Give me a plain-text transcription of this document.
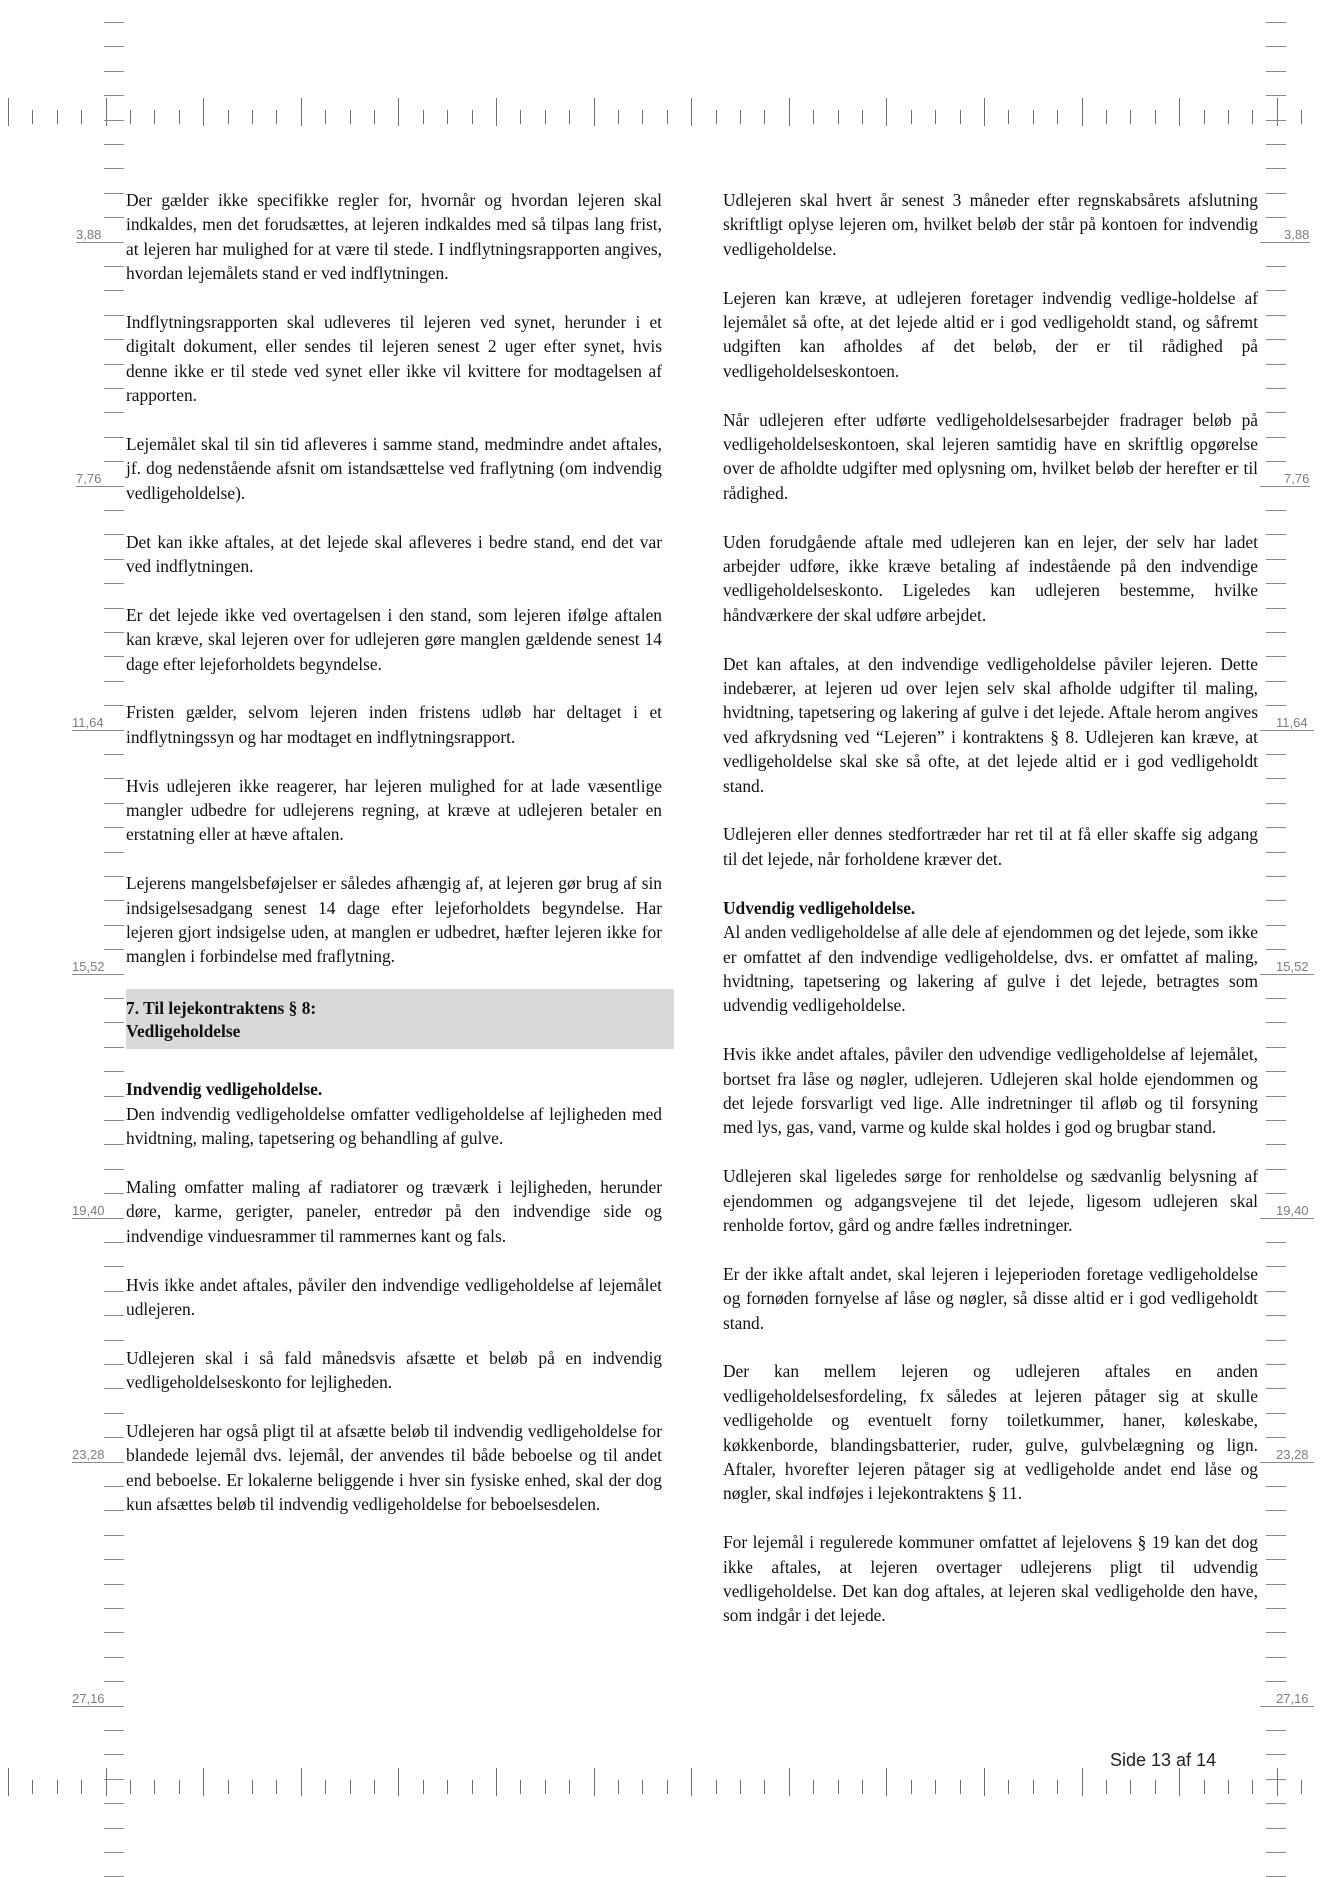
3,88
7,76
11,64
15,52
19,40
23,28
27,16
3,88
7,76
11,64
15,52
19,40
23,28
27,16

Der gælder ikke specifikke regler for, hvornår og hvordan lejeren skal indkaldes, men det forudsættes, at lejeren indkaldes med så tilpas lang frist, at lejeren har mulighed for at være til stede. I indflytningsrapporten angives, hvordan lejemålets stand er ved indflytningen.

Indflytningsrapporten skal udleveres til lejeren ved synet, herunder i et digitalt dokument, eller sendes til lejeren senest 2 uger efter synet, hvis denne ikke er til stede ved synet eller ikke vil kvittere for modtagelsen af rapporten.

Lejemålet skal til sin tid afleveres i samme stand, medmindre andet aftales, jf. dog nedenstående afsnit om istandsættelse ved fraflytning (om indvendig vedligeholdelse).

Det kan ikke aftales, at det lejede skal afleveres i bedre stand, end det var ved indflytningen.

Er det lejede ikke ved overtagelsen i den stand, som lejeren ifølge aftalen kan kræve, skal lejeren over for udlejeren gøre manglen gældende senest 14 dage efter lejeforholdets begyndelse.

Fristen gælder, selvom lejeren inden fristens udløb har deltaget i et indflytningssyn og har modtaget en indflytningsrapport.

Hvis udlejeren ikke reagerer, har lejeren mulighed for at lade væsentlige mangler udbedre for udlejerens regning, at kræve at udlejeren betaler en erstatning eller at hæve aftalen.

Lejerens mangelsbeføjelser er således afhængig af, at lejeren gør brug af sin indsigelsesadgang senest 14 dage efter lejeforholdets begyndelse. Har lejeren gjort indsigelse uden, at manglen er udbedret, hæfter lejeren ikke for manglen i forbindelse med fraflytning.

7. Til lejekontraktens § 8:
Vedligeholdelse

Indvendig vedligeholdelse.
Den indvendig vedligeholdelse omfatter vedligeholdelse af lejligheden med hvidtning, maling, tapetsering og behandling af gulve.

Maling omfatter maling af radiatorer og træværk i lejligheden, herunder døre, karme, gerigter, paneler, entredør på den indvendige side og indvendige vinduesrammer til rammernes kant og fals.

Hvis ikke andet aftales, påviler den indvendige vedligeholdelse af lejemålet udlejeren.

Udlejeren skal i så fald månedsvis afsætte et beløb på en indvendig vedligeholdelseskonto for lejligheden.

Udlejeren har også pligt til at afsætte beløb til indvendig vedligeholdelse for blandede lejemål dvs. lejemål, der anvendes til både beboelse og til andet end beboelse. Er lokalerne beliggende i hver sin fysiske enhed, skal der dog kun afsættes beløb til indvendig vedligeholdelse for beboelsesdelen.

Udlejeren skal hvert år senest 3 måneder efter regnskabsårets afslutning skriftligt oplyse lejeren om, hvilket beløb der står på kontoen for indvendig vedligeholdelse.

Lejeren kan kræve, at udlejeren foretager indvendig vedlige-holdelse af lejemålet så ofte, at det lejede altid er i god vedligeholdt stand, og såfremt udgiften kan afholdes af det beløb, der er til rådighed på vedligeholdelseskontoen.

Når udlejeren efter udførte vedligeholdelsesarbejder fradrager beløb på vedligeholdelseskontoen, skal lejeren samtidig have en skriftlig opgørelse over de afholdte udgifter med oplysning om, hvilket beløb der herefter er til rådighed.

Uden forudgående aftale med udlejeren kan en lejer, der selv har ladet arbejder udføre, ikke kræve betaling af indestående på den indvendige vedligeholdelseskonto. Ligeledes kan udlejeren bestemme, hvilke håndværkere der skal udføre arbejdet.

Det kan aftales, at den indvendige vedligeholdelse påviler lejeren. Dette indebærer, at lejeren ud over lejen selv skal afholde udgifter til maling, hvidtning, tapetsering og lakering af gulve i det lejede. Aftale herom angives ved afkrydsning ved “Lejeren” i kontraktens § 8. Udlejeren kan kræve, at vedligeholdelse skal ske så ofte, at det lejede altid er i god vedligeholdt stand.

Udlejeren eller dennes stedfortræder har ret til at få eller skaffe sig adgang til det lejede, når forholdene kræver det.

Udvendig vedligeholdelse.
Al anden vedligeholdelse af alle dele af ejendommen og det lejede, som ikke er omfattet af den indvendige vedligeholdelse, dvs. er omfattet af maling, hvidtning, tapetsering og lakering af gulve i det lejede, betragtes som udvendig vedligeholdelse.

Hvis ikke andet aftales, påviler den udvendige vedligeholdelse af lejemålet, bortset fra låse og nøgler, udlejeren. Udlejeren skal holde ejendommen og det lejede forsvarligt ved lige. Alle indretninger til afløb og til forsyning med lys, gas, vand, varme og kulde skal holdes i god og brugbar stand.

Udlejeren skal ligeledes sørge for renholdelse og sædvanlig belysning af ejendommen og adgangsvejene til det lejede, ligesom udlejeren skal renholde fortov, gård og andre fælles indretninger.

Er der ikke aftalt andet, skal lejeren i lejeperioden foretage vedligeholdelse og fornøden fornyelse af låse og nøgler, så disse altid er i god vedligeholdt stand.

Der kan mellem lejeren og udlejeren aftales en anden vedligeholdelsesfordeling, fx således at lejeren påtager sig at skulle vedligeholde og eventuelt forny toiletkummer, haner, køleskabe, køkkenborde, blandingsbatterier, ruder, gulve, gulvbelægning og lign. Aftaler, hvorefter lejeren påtager sig at vedligeholde andet end låse og nøgler, skal indføjes i lejekontraktens § 11.

For lejemål i regulerede kommuner omfattet af lejelovens § 19 kan det dog ikke aftales, at lejeren overtager udlejerens pligt til udvendig vedligeholdelse. Det kan dog aftales, at lejeren skal vedligeholde den have, som indgår i det lejede.

Side 13 af 14
